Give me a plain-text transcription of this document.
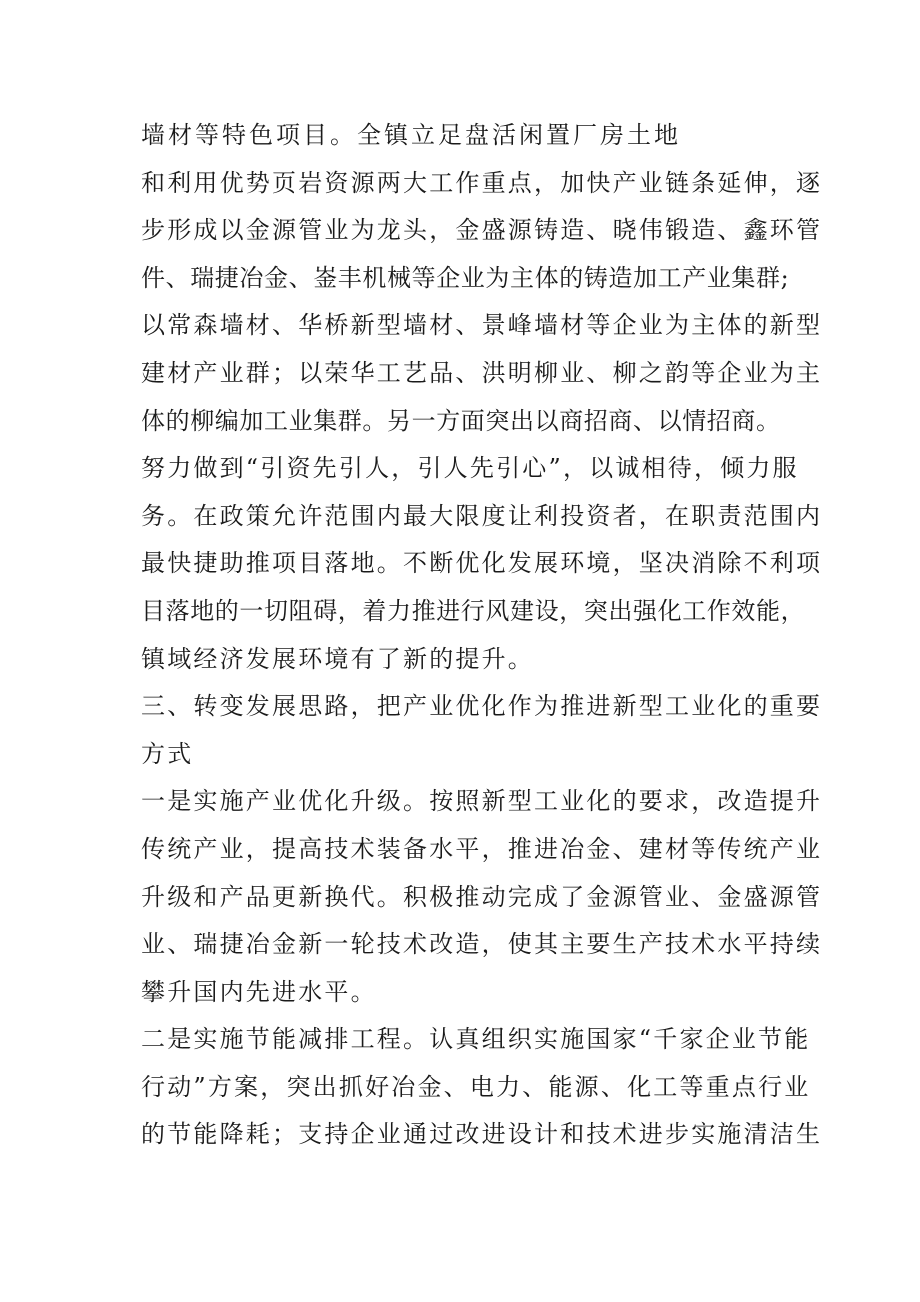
墙材等特色项目。全镇立足盘活闲置厂房土地
和利用优势页岩资源两大工作重点，加快产业链条延伸，逐
步形成以金源管业为龙头，金盛源铸造、晓伟锻造、鑫环管
件、瑞捷冶金、崟丰机械等企业为主体的铸造加工产业集群;
以常森墙材、华桥新型墙材、景峰墙材等企业为主体的新型
建材产业群；以荣华工艺品、洪明柳业、柳之韵等企业为主
体的柳编加工业集群。另一方面突出以商招商、以情招商。
努力做到“引资先引人，引人先引心”，以诚相待，倾力服
务。在政策允许范围内最大限度让利投资者，在职责范围内
最快捷助推项目落地。不断优化发展环境，坚决消除不利项
目落地的一切阻碍，着力推进行风建设，突出强化工作效能，
镇域经济发展环境有了新的提升。
三、转变发展思路，把产业优化作为推进新型工业化的重要
方式
一是实施产业优化升级。按照新型工业化的要求，改造提升
传统产业，提高技术装备水平，推进冶金、建材等传统产业
升级和产品更新换代。积极推动完成了金源管业、金盛源管
业、瑞捷冶金新一轮技术改造，使其主要生产技术水平持续
攀升国内先进水平。
二是实施节能减排工程。认真组织实施国家“千家企业节能
行动”方案，突出抓好冶金、电力、能源、化工等重点行业
的节能降耗；支持企业通过改进设计和技术进步实施清洁生
